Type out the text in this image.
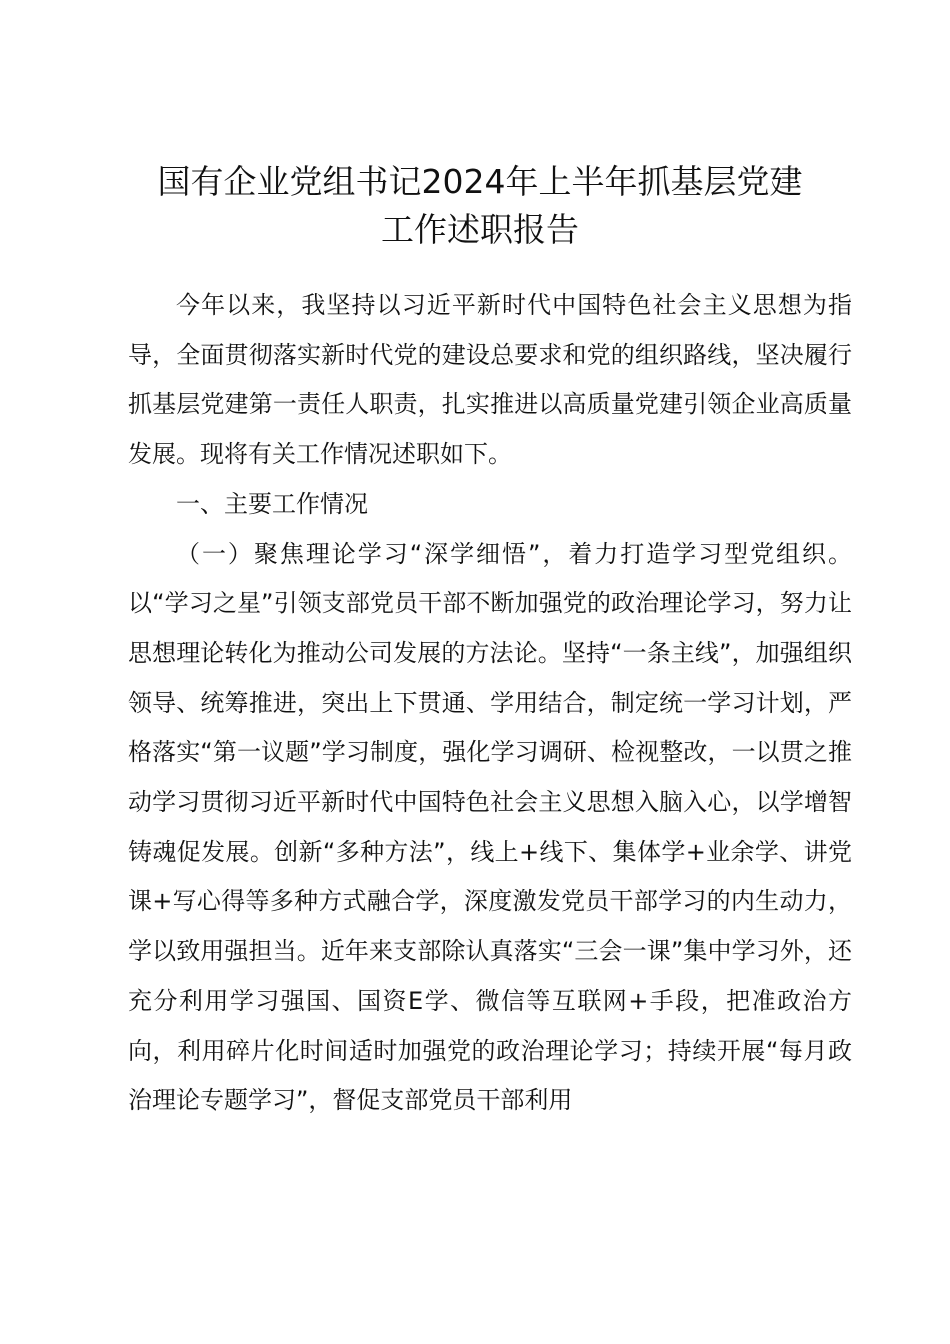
国有企业党组书记2024年上半年抓基层党建
工作述职报告

今年以来，我坚持以习近平新时代中国特色社会主义思想为指导，全面贯彻落实新时代党的建设总要求和党的组织路线，坚决履行抓基层党建第一责任人职责，扎实推进以高质量党建引领企业高质量发展。现将有关工作情况述职如下。

一、主要工作情况

（一）聚焦理论学习“深学细悟”，着力打造学习型党组织。以“学习之星”引领支部党员干部不断加强党的政治理论学习，努力让思想理论转化为推动公司发展的方法论。坚持“一条主线”，加强组织领导、统筹推进，突出上下贯通、学用结合，制定统一学习计划，严格落实“第一议题”学习制度，强化学习调研、检视整改，一以贯之推动学习贯彻习近平新时代中国特色社会主义思想入脑入心，以学增智铸魂促发展。创新“多种方法”，线上+线下、集体学+业余学、讲党课+写心得等多种方式融合学，深度激发党员干部学习的内生动力，学以致用强担当。近年来支部除认真落实“三会一课”集中学习外，还充分利用学习强国、国资E学、微信等互联网+手段，把准政治方向，利用碎片化时间适时加强党的政治理论学习；持续开展“每月政治理论专题学习”，督促支部党员干部利用
